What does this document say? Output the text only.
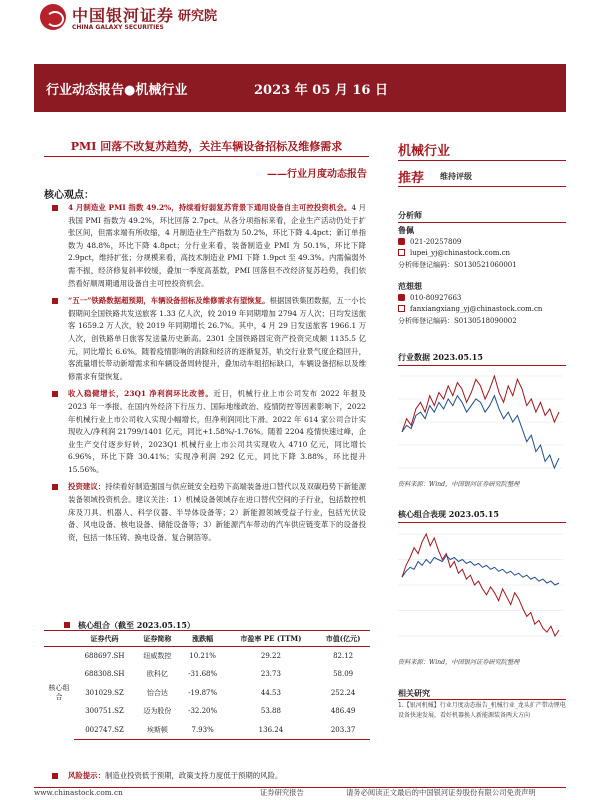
中国银河证券
CHINA GALAXY SECURITIES
研究院
行业动态报告●机械行业	2023 年 05 月 16 日
PMI 回落不改复苏趋势，关注车辆设备招标及维修需求
——行业月度动态报告
核心观点：
4 月制造业 PMI 指数 49.2%，持续看好弱复苏背景下通用设备自主可控投资机会。4 月我国 PMI 指数为 49.2%，环比回落 2.7pct。从各分项指标来看，企业生产活动仍处于扩张区间，但需求端有所收缩，4 月制造业生产指数为 50.2%，环比下降 4.4pct；新订单指数为 48.8%，环比下降 4.8pct；分行业来看，装备制造业 PMI 为 50.1%，环比下降 2.9pct，维持扩张；分规模来看，高技术制造业 PMI 下降 1.9pct 至 49.3%。内需偏弱外需不振，经济修复斜率较缓，叠加一季度高基数，PMI 回落但不改经济复苏趋势，我们依然看好顺周期通用设备自主可控投资机会。
“五一”铁路数据超预期，车辆设备招标及维修需求有望恢复。根据国铁集团数据，五一小长假期间全国铁路共发送旅客 1.33 亿人次，较 2019 年同期增加 2794 万人次；日均发送旅客 1659.2 万人次，较 2019 年同期增长 26.7%。其中，4 月 29 日发送旅客 1966.1 万人次，创铁路单日旅客发送量历史新高。2301 全国铁路固定资产投资完成额 1135.5 亿元，同比增长 6.6%。随着疫情影响的消除和经济的逐渐复苏，轨交行业景气度企稳回升，客流量增长带动新增需求和车辆设备周转提升，叠加动车组招标缺口，车辆设备招标以及维修需求有望恢复。
收入稳健增长，23Q1 净利润环比改善。近日，机械行业上市公司发布 2022 年报及 2023 年一季报。在国内外经济下行压力、国际地缘政治、疫情防控等因素影响下，2022 年机械行业上市公司收入实现小幅增长，但净利润同比下滑。2022 年 614 家公司合计实现收入/净利润 21799/1401 亿元，同比+1.58%/-1.76%。随着 2204 疫情快速过峰，企业生产交付逐步好转，2023Q1 机械行业上市公司共实现收入 4710 亿元，同比增长 6.96%，环比下降 30.41%；实现净利润 292 亿元，同比下降 3.88%，环比提升 15.56%。
投资建议：持续看好制造强国与供应链安全趋势下高端装备进口替代以及双碳趋势下新能源装备领域投资机会。建议关注：1）机械设备领域存在进口替代空间的子行业，包括数控机床及刀具、机器人、科学仪器、半导体设备等；2）新能源领域受益子行业，包括光伏设备、风电设备、核电设备、储能设备等；3）新能源汽车带动的汽车供应链变革下的设备投资，包括一体压铸、换电设备、复合铜箔等。
核心组合（截至 2023.05.15）
	证券代码	证券简称	涨跌幅	市盈率 PE (TTM)	市值(亿元)
核心组合	688697.SH	纽威数控	10.21%	29.22	82.12
	688308.SH	欧科亿	-31.68%	23.73	58.09
	301029.SZ	怡合达	-19.87%	44.53	252.24
	300751.SZ	迈为股份	-32.20%	53.88	486.49
	002747.SZ	埃斯顿	7.93%	136.24	203.37
风险提示：制造业投资低于预期，政策支持力度低于预期的风险。
机械行业
推荐 维持评级
分析师
鲁佩
021-20257809
lupei_yj@chinastock.com.cn
分析师登记编码：S0130521060001
范想想
010-80927663
fanxiangxiang_yj@chinastock.com.cn
分析师登记编码：S0130518090002
行业数据 2023.05.15
资料来源：Wind，中国银河证券研究院整理
核心组合表现 2023.05.15
资料来源：Wind，中国银河证券研究院整理
相关研究
1.【银河机械】行业月度动态报告_机械行业_龙头扩产带动锂电设备快速发展，看好机器换人新能源装备两大方向
www.chinastock.com.cn	证券研究报告	请务必阅读正文最后的中国银河证券股份有限公司免责声明
